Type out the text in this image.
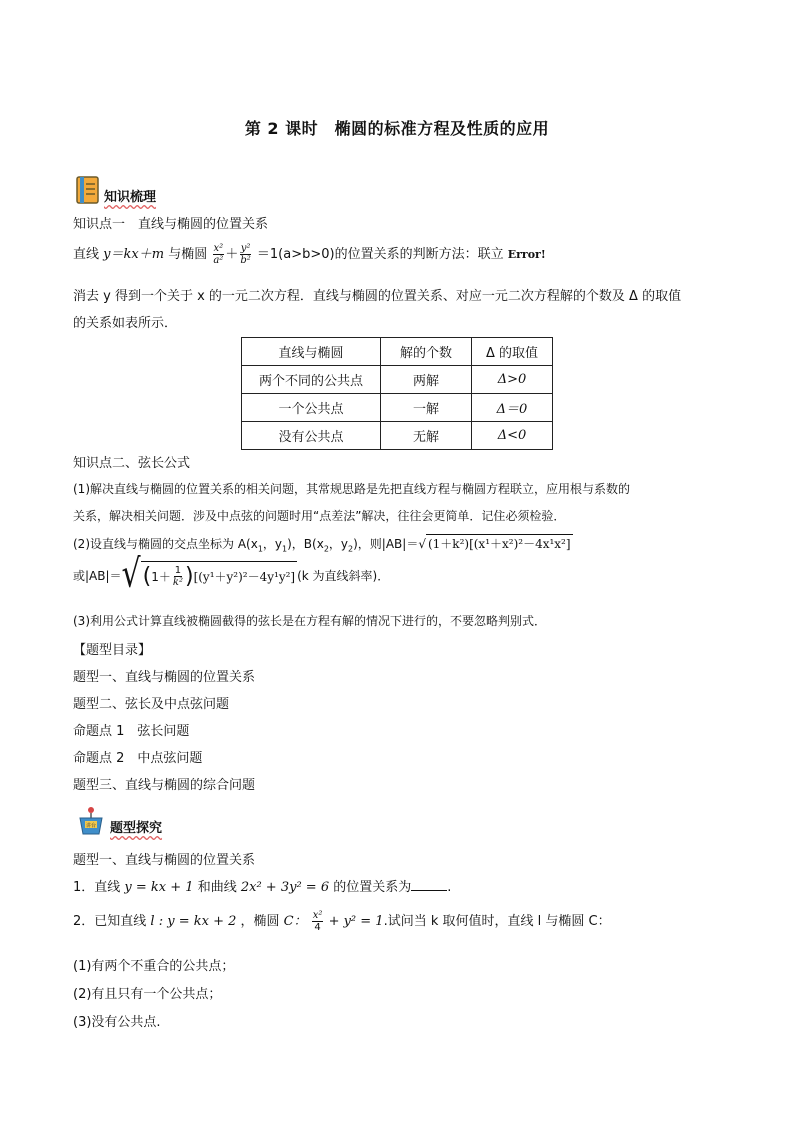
第 2 课时　椭圆的标准方程及性质的应用
知识梳理
知识点一　直线与椭圆的位置关系
直线 y＝kx＋m 与椭圆 $\frac{\text{x²}}{\text{a²}} + \frac{\text{y²}}{\text{b²}} =1(a>b>0)$的位置关系的判断方法：联立 Error!
消去 y 得到一个关于 x 的一元二次方程．直线与椭圆的位置关系、对应一元二次方程解的个数及 Δ 的取值
的关系如表所示．
直线与椭圆	解的个数	Δ 的取值
两个不同的公共点	两解	Δ>0
一个公共点	一解	Δ＝0
没有公共点	无解	Δ<0
知识点二、弦长公式
(1)解决直线与椭圆的位置关系的相关问题，其常规思路是先把直线方程与椭圆方程联立，应用根与系数的
关系，解决相关问题．涉及中点弦的问题时用“点差法”解决，往往会更简单．记住必须检验．
(2)设直线与椭圆的交点坐标为 $A(x_1$，$y_1$)，$B(x_2$，$y_2$)，则|AB|＝√ (1＋k²)[(x¹＋x²)²－4x¹x²]
或|AB|＝ √ ( $1+ \frac{1}{\text{k²}}$ ) [(y¹＋y²)²－4y¹y²] (k 为直线斜率)．
(3)利用公式计算直线被椭圆截得的弦长是在方程有解的情况下进行的，不要忽略判别式．
【题型目录】
题型一、直线与椭圆的位置关系
题型二、弦长及中点弦问题
命题点 1　弦长问题
命题点 2　中点弦问题
题型三、直线与椭圆的综合问题
讲台 题型探究
题型一、直线与椭圆的位置关系
1．直线 y = kx + 1 和曲线 2x² + 3y² = 6 的位置关系为	.
2．已知直线 l : y = kx + 2 ，椭圆 C： $\frac{\text{x²}}{4} + y^2 = 1$.试问当 k 取何值时，直线 l 与椭圆 C：
(1)有两个不重合的公共点；
(2)有且只有一个公共点；
(3)没有公共点.
